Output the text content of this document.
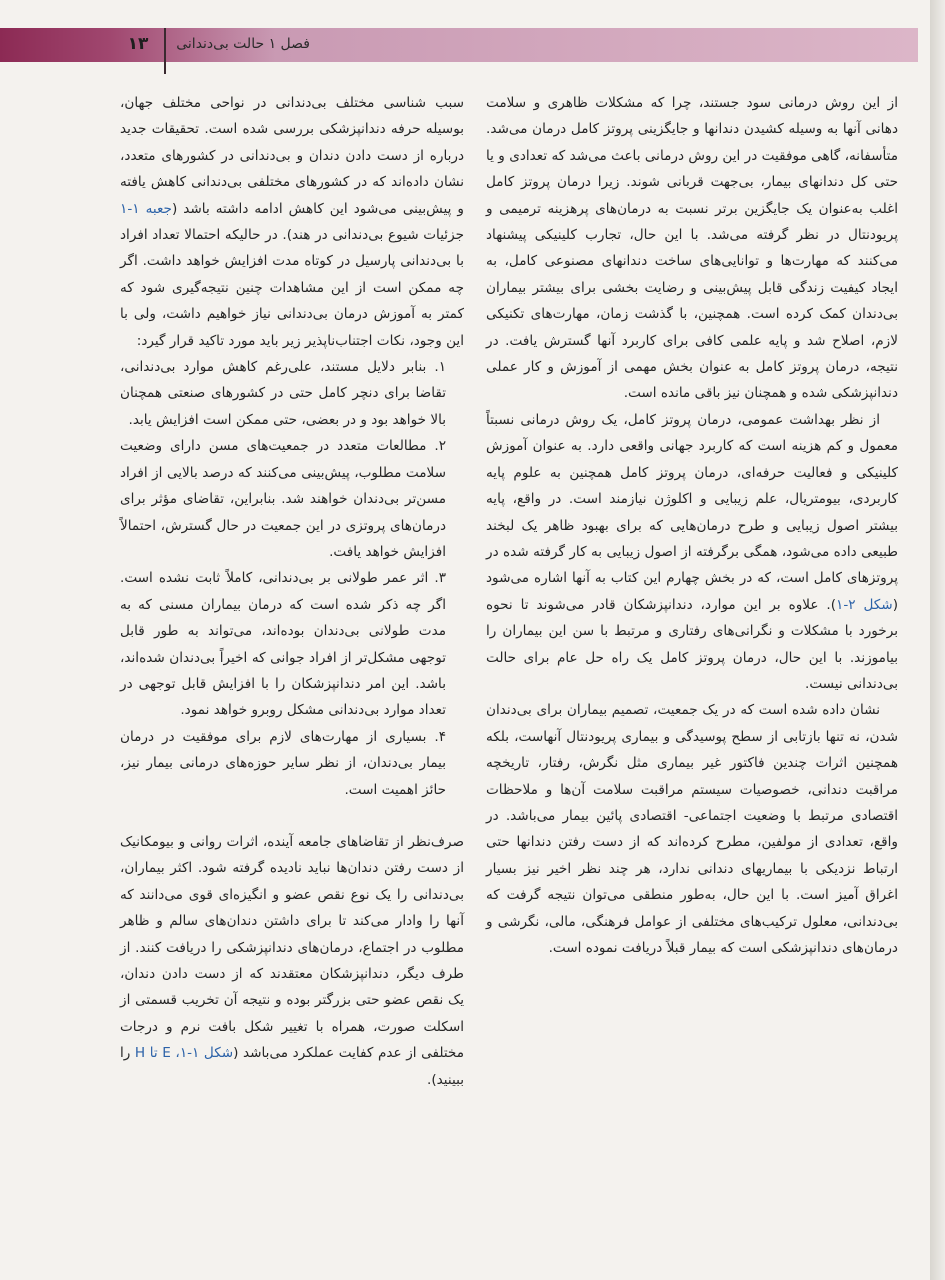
۱۳	فصل ۱ حالت بی‌دندانی

از این روش درمانی سود جستند، چرا که مشکلات ظاهری و سلامت دهانی آنها به وسیله کشیدن دندانها و جایگزینی پروتز کامل درمان می‌شد. متأسفانه، گاهی موفقیت در این روش درمانی باعث می‌شد که تعدادی و یا حتی کل دندانهای بیمار، بی‌جهت قربانی شوند. زیرا درمان پروتز کامل اغلب به‌عنوان یک جایگزین برتر نسبت به درمان‌های پرهزینه ترمیمی و پریودنتال در نظر گرفته می‌شد. با این حال، تجارب کلینیکی پیشنهاد می‌کنند که مهارت‌ها و توانایی‌های ساخت دندانهای مصنوعی کامل، به ایجاد کیفیت زندگی قابل پیش‌بینی و رضایت بخشی برای بیشتر بیماران بی‌دندان کمک کرده است. همچنین، با گذشت زمان، مهارت‌های تکنیکی لازم، اصلاح شد و پایه علمی کافی برای کاربرد آنها گسترش یافت. در نتیجه، درمان پروتز کامل به عنوان بخش مهمی از آموزش و کار عملی دندانپزشکی شده و همچنان نیز باقی مانده است.

از نظر بهداشت عمومی، درمان پروتز کامل، یک روش درمانی نسبتاً معمول و کم هزینه است که کاربرد جهانی واقعی دارد. به عنوان آموزش کلینیکی و فعالیت حرفه‌ای، درمان پروتز کامل همچنین به علوم پایه کاربردی، بیومتریال، علم زیبایی و اکلوژن نیازمند است. در واقع، پایه بیشتر اصول زیبایی و طرح درمان‌هایی که برای بهبود ظاهر یک لبخند طبیعی داده می‌شود، همگی برگرفته از اصول زیبایی به کار گرفته شده در پروتزهای کامل است، که در بخش چهارم این کتاب به آنها اشاره می‌شود (شکل ۲-۱). علاوه بر این موارد، دندانپزشکان قادر می‌شوند تا نحوه برخورد با مشکلات و نگرانی‌های رفتاری و مرتبط با سن این بیماران را بیاموزند. با این حال، درمان پروتز کامل یک راه حل عام برای حالت بی‌دندانی نیست.

نشان داده شده است که در یک جمعیت، تصمیم بیماران برای بی‌دندان شدن، نه تنها بازتابی از سطح پوسیدگی و بیماری پریودنتال آنهاست، بلکه همچنین اثرات چندین فاکتور غیر بیماری مثل نگرش، رفتار، تاریخچه مراقبت دندانی، خصوصیات سیستم مراقبت سلامت آن‌ها و ملاحظات اقتصادی مرتبط با وضعیت اجتماعی- اقتصادی پائین بیمار می‌باشد. در واقع، تعدادی از مولفین، مطرح کرده‌اند که از دست رفتن دندانها حتی ارتباط نزدیکی با بیماریهای دندانی ندارد، هر چند نظر اخیر نیز بسیار اغراق آمیز است. با این حال، به‌طور منطقی می‌توان نتیجه گرفت که بی‌دندانی، معلول ترکیب‌های مختلفی از عوامل فرهنگی، مالی، نگرشی و درمان‌های دندانپزشکی است که بیمار قبلاً دریافت نموده است.

سبب شناسی مختلف بی‌دندانی در نواحی مختلف جهان، بوسیله حرفه دندانپزشکی بررسی شده است. تحقیقات جدید درباره از دست دادن دندان و بی‌دندانی در کشورهای متعدد، نشان داده‌اند که در کشورهای مختلفی بی‌دندانی کاهش یافته و پیش‌بینی می‌شود این کاهش ادامه داشته باشد (جعبه ۱-۱ جزئیات شیوع بی‌دندانی در هند). در حالیکه احتمالا تعداد افراد با بی‌دندانی پارسیل در کوتاه مدت افزایش خواهد داشت. اگر چه ممکن است از این مشاهدات چنین نتیجه‌گیری شود که کمتر به آموزش درمان بی‌دندانی نیاز خواهیم داشت، ولی با این وجود، نکات اجتناب‌ناپذیر زیر باید مورد تاکید قرار گیرد:

۱. بنابر دلایل مستند، علی‌رغم کاهش موارد بی‌دندانی، تقاضا برای دنچر کامل حتی در کشورهای صنعتی همچنان بالا خواهد بود و در بعضی، حتی ممکن است افزایش یابد.
۲. مطالعات متعدد در جمعیت‌های مسن دارای وضعیت سلامت مطلوب، پیش‌بینی می‌کنند که درصد بالایی از افراد مسن‌تر بی‌دندان خواهند شد. بنابراین، تقاضای مؤثر برای درمان‌های پروتزی در این جمعیت در حال گسترش، احتمالاً افزایش خواهد یافت.
۳. اثر عمر طولانی بر بی‌دندانی، کاملاً ثابت نشده است. اگر چه ذکر شده است که درمان بیماران مسنی که به مدت طولانی بی‌دندان بوده‌اند، می‌تواند به طور قابل توجهی مشکل‌تر از افراد جوانی که اخیراً بی‌دندان شده‌اند، باشد. این امر دندانپزشکان را با افزایش قابل توجهی در تعداد موارد بی‌دندانی مشکل روبرو خواهد نمود.
۴. بسیاری از مهارت‌های لازم برای موفقیت در درمان بیمار بی‌دندان، از نظر سایر حوزه‌های درمانی بیمار نیز، حائز اهمیت است.

صرف‌نظر از تقاضاهای جامعه آینده، اثرات روانی و بیومکانیک از دست رفتن دندان‌ها نباید نادیده گرفته شود. اکثر بیماران، بی‌دندانی را یک نوع نقص عضو و انگیزه‌ای قوی می‌دانند که آنها را وادار می‌کند تا برای داشتن دندان‌های سالم و ظاهر مطلوب در اجتماع، درمان‌های دندانپزشکی را دریافت کنند. از طرف دیگر، دندانپزشکان معتقدند که از دست دادن دندان، یک نقص عضو حتی بزرگتر بوده و نتیجه آن تخریب قسمتی از اسکلت صورت، همراه با تغییر شکل بافت نرم و درجات مختلفی از عدم کفایت عملکرد می‌باشد (شکل ۱-۱، E تا H را ببینید).
